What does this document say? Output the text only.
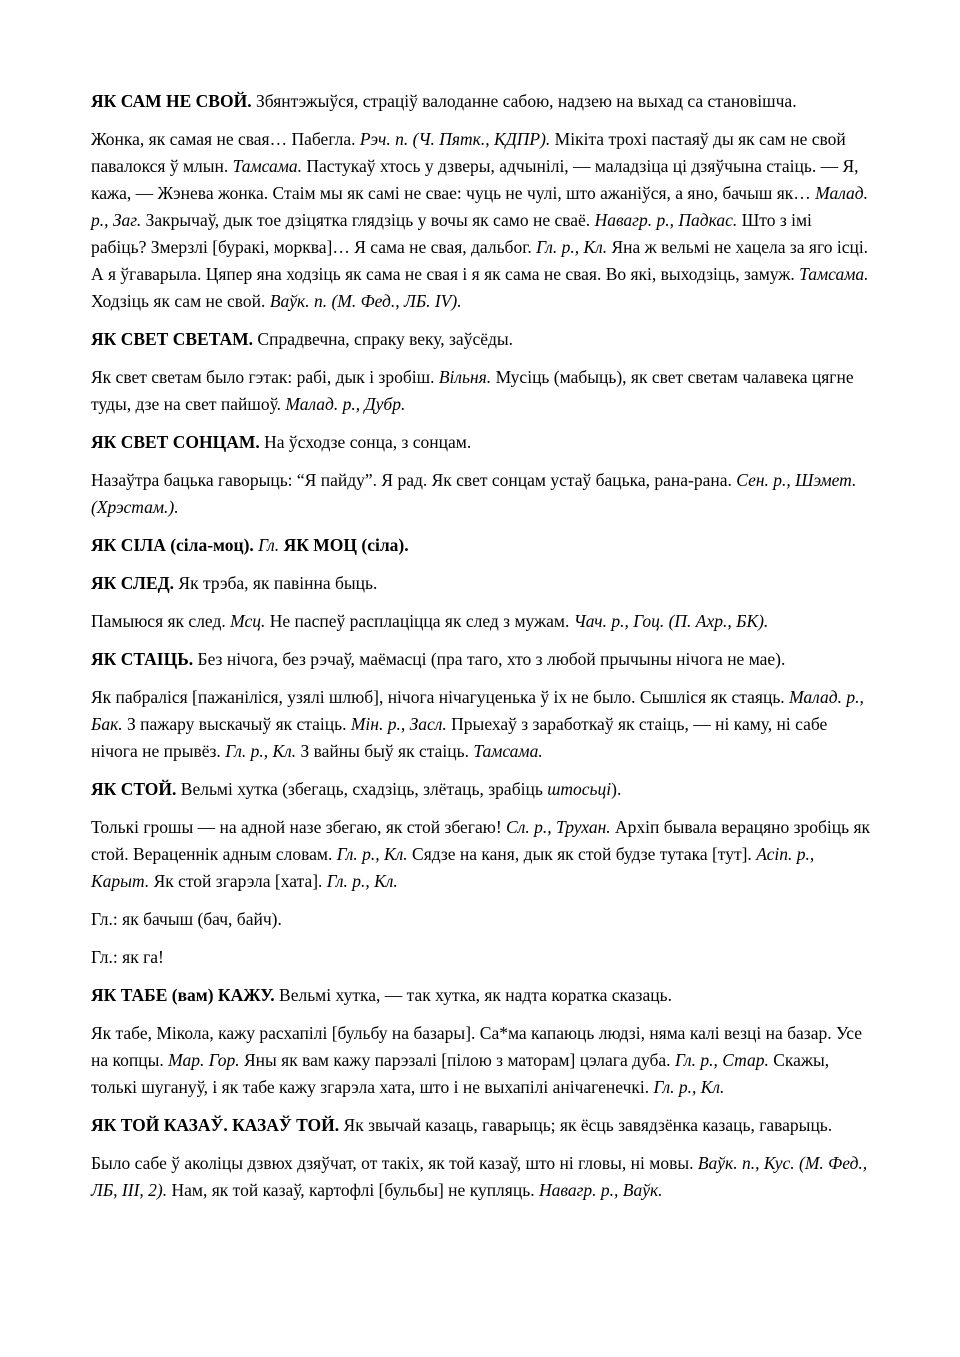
ЯК САМ НЕ СВОЙ. Збянтэжыўся, страціў валоданне сабою, надзею на выхад са становішча.

Жонка, як самая не свая… Пабегла. Рэч. п. (Ч. Пятк., КДПР). Мікіта трохі пастаяў ды як сам не свой павалокся ў млын. Тамсама. Пастукаў хтось у дзверы, адчынілі, — маладзіца ці дзяўчына стаіць. — Я, кажа, — Жэнева жонка. Стаім мы як самі не свае: чуць не чулі, што ажаніўся, а яно, бачыш як… Малад. р., Заг. Закрычаў, дык тое дзіцятка глядзіць у вочы як само не сваё. Навагр. р., Падкас. Што з імі рабіць? Змерзлі [буракі, морква]… Я сама не свая, дальбог. Гл. р., Кл. Яна ж вельмі не хацела за яго ісці. А я ўгаварыла. Цяпер яна ходзіць як сама не свая і я як сама не свая. Во які, выходзіць, замуж. Тамсама. Ходзіць як сам не свой. Ваўк. п. (М. Фед., ЛБ. IV).

ЯК СВЕТ СВЕТАМ. Спрадвечна, спраку веку, заўсёды.

Як свет светам было гэтак: рабі, дык і зробіш. Вільня. Мусіць (мабыць), як свет светам чалавека цягне туды, дзе на свет пайшоў. Малад. р., Дубр.

ЯК СВЕТ СОНЦАМ. На ўсходзе сонца, з сонцам.

Назаўтра бацька гаворыць: “Я пайду”. Я рад. Як свет сонцам устаў бацька, рана-рана. Сен. р., Шэмет. (Хрэстам.).

ЯК СІЛА (сіла-моц). Гл. ЯК МОЦ (сіла).

ЯК СЛЕД. Як трэба, як павінна быць.

Памыюся як след. Мсц. Не паспеў расплаціцца як след з мужам. Чач. р., Гоц. (П. Ахр., БК).

ЯК СТАІЦЬ. Без нічога, без рэчаў, маёмасці (пра таго, хто з любой прычыны нічога не мае).

Як пабраліся [пажаніліся, узялі шлюб], нічога нічагуценька ў іх не было. Сышліся як стаяць. Малад. р., Бак. З пажару выскачыў як стаіць. Мін. р., Засл. Прыехаў з заработкаў як стаіць, — ні каму, ні сабе нічога не прывёз. Гл. р., Кл. З вайны быў як стаіць. Тамсама.

ЯК СТОЙ. Вельмі хутка (збегаць, схадзіць, злётаць, зрабіць штосьці).

Толькі грошы — на адной назе збегаю, як стой збегаю! Сл. р., Трухан. Архіп бывала верацяно зробіць як стой. Вераценнік адным словам. Гл. р., Кл. Сядзе на каня, дык як стой будзе тутака [тут]. Асіп. р., Карыт. Як стой згарэла [хата]. Гл. р., Кл.

Гл.: як бачыш (бач, байч).

Гл.: як га!

ЯК ТАБЕ (вам) КАЖУ. Вельмі хутка, — так хутка, як надта коратка сказаць.

Як табе, Мікола, кажу расхапілі [бульбу на базары]. Са*ма капаюць людзі, няма калі везці на базар. Усе на копцы. Мар. Гор. Яны як вам кажу парэзалі [пілою з маторам] цэлага дуба. Гл. р., Стар. Скажы, толькі шугануў, і як табе кажу згарэла хата, што і не выхапілі анічагенечкі. Гл. р., Кл.

ЯК ТОЙ КАЗАЎ. КАЗАЎ ТОЙ. Як звычай казаць, гаварыць; як ёсць завядзёнка казаць, гаварыць.

Было сабе ў аколіцы дзвюх дзяўчат, от такіх, як той казаў, што ні гловы, ні мовы. Ваўк. п., Кус. (М. Фед., ЛБ, III, 2). Нам, як той казаў, картофлі [бульбы] не купляць. Навагр. р., Ваўк.
